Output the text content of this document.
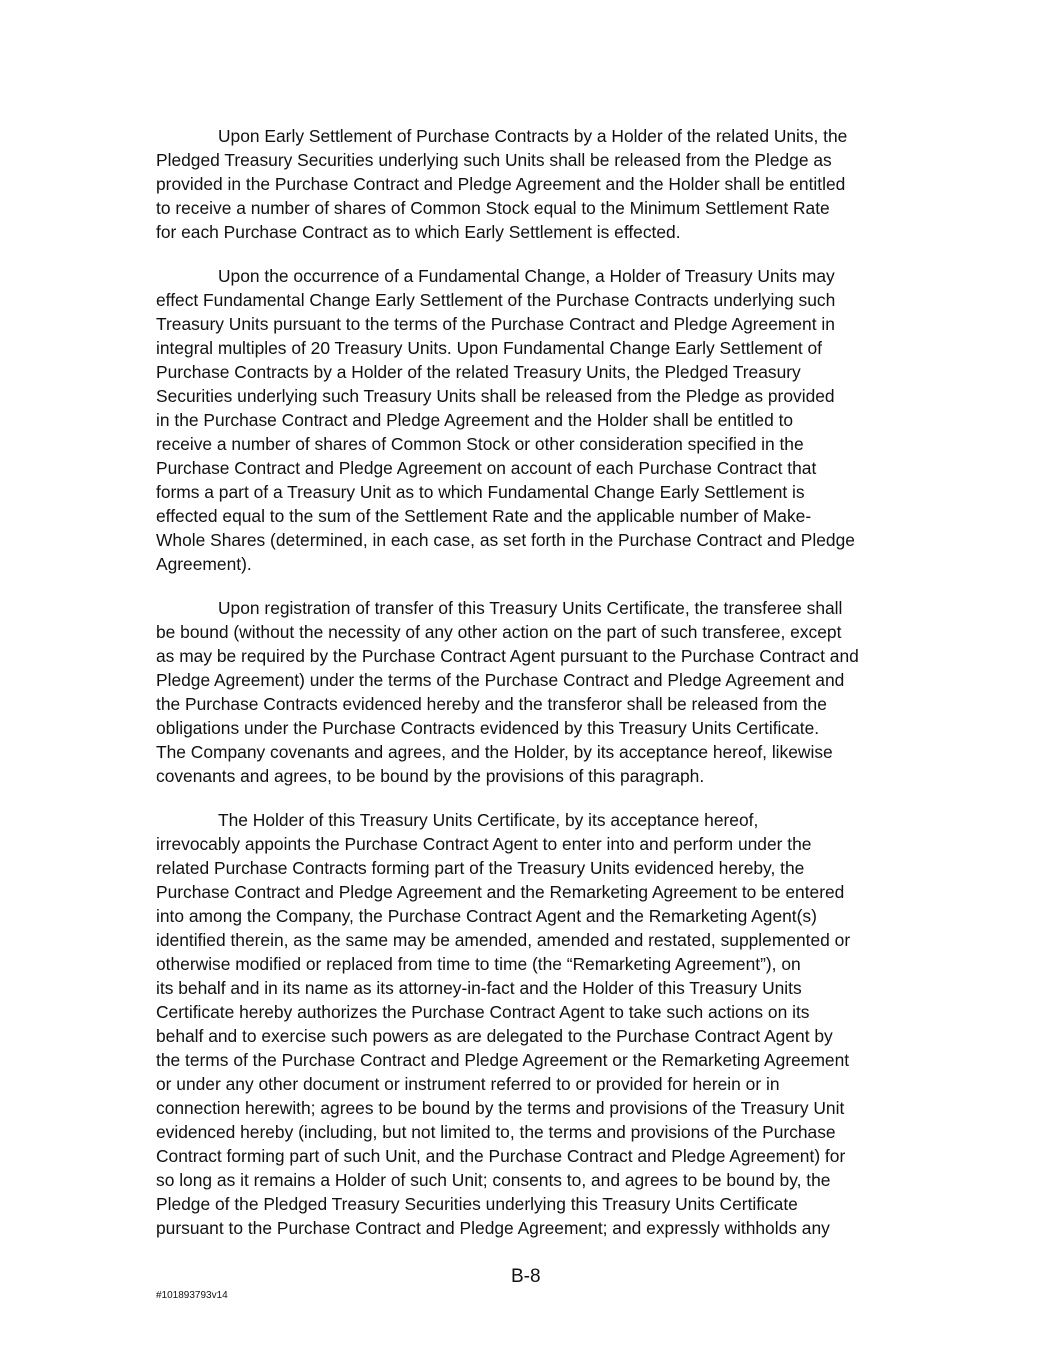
Upon Early Settlement of Purchase Contracts by a Holder of the related Units, the
Pledged Treasury Securities underlying such Units shall be released from the Pledge as
provided in the Purchase Contract and Pledge Agreement and the Holder shall be entitled
to receive a number of shares of Common Stock equal to the Minimum Settlement Rate
for each Purchase Contract as to which Early Settlement is effected.
Upon the occurrence of a Fundamental Change, a Holder of Treasury Units may
effect Fundamental Change Early Settlement of the Purchase Contracts underlying such
Treasury Units pursuant to the terms of the Purchase Contract and Pledge Agreement in
integral multiples of 20 Treasury Units. Upon Fundamental Change Early Settlement of
Purchase Contracts by a Holder of the related Treasury Units, the Pledged Treasury
Securities underlying such Treasury Units shall be released from the Pledge as provided
in the Purchase Contract and Pledge Agreement and the Holder shall be entitled to
receive a number of shares of Common Stock or other consideration specified in the
Purchase Contract and Pledge Agreement on account of each Purchase Contract that
forms a part of a Treasury Unit as to which Fundamental Change Early Settlement is
effected equal to the sum of the Settlement Rate and the applicable number of Make-
Whole Shares (determined, in each case, as set forth in the Purchase Contract and Pledge
Agreement).
Upon registration of transfer of this Treasury Units Certificate, the transferee shall
be bound (without the necessity of any other action on the part of such transferee, except
as may be required by the Purchase Contract Agent pursuant to the Purchase Contract and
Pledge Agreement) under the terms of the Purchase Contract and Pledge Agreement and
the Purchase Contracts evidenced hereby and the transferor shall be released from the
obligations under the Purchase Contracts evidenced by this Treasury Units Certificate.
The Company covenants and agrees, and the Holder, by its acceptance hereof, likewise
covenants and agrees, to be bound by the provisions of this paragraph.
The Holder of this Treasury Units Certificate, by its acceptance hereof,
irrevocably appoints the Purchase Contract Agent to enter into and perform under the
related Purchase Contracts forming part of the Treasury Units evidenced hereby, the
Purchase Contract and Pledge Agreement and the Remarketing Agreement to be entered
into among the Company, the Purchase Contract Agent and the Remarketing Agent(s)
identified therein, as the same may be amended, amended and restated, supplemented or
otherwise modified or replaced from time to time (the “Remarketing Agreement”), on
its behalf and in its name as its attorney-in-fact and the Holder of this Treasury Units
Certificate hereby authorizes the Purchase Contract Agent to take such actions on its
behalf and to exercise such powers as are delegated to the Purchase Contract Agent by
the terms of the Purchase Contract and Pledge Agreement or the Remarketing Agreement
or under any other document or instrument referred to or provided for herein or in
connection herewith; agrees to be bound by the terms and provisions of the Treasury Unit
evidenced hereby (including, but not limited to, the terms and provisions of the Purchase
Contract forming part of such Unit, and the Purchase Contract and Pledge Agreement) for
so long as it remains a Holder of such Unit; consents to, and agrees to be bound by, the
Pledge of the Pledged Treasury Securities underlying this Treasury Units Certificate
pursuant to the Purchase Contract and Pledge Agreement; and expressly withholds any
B-8
#101893793v14
